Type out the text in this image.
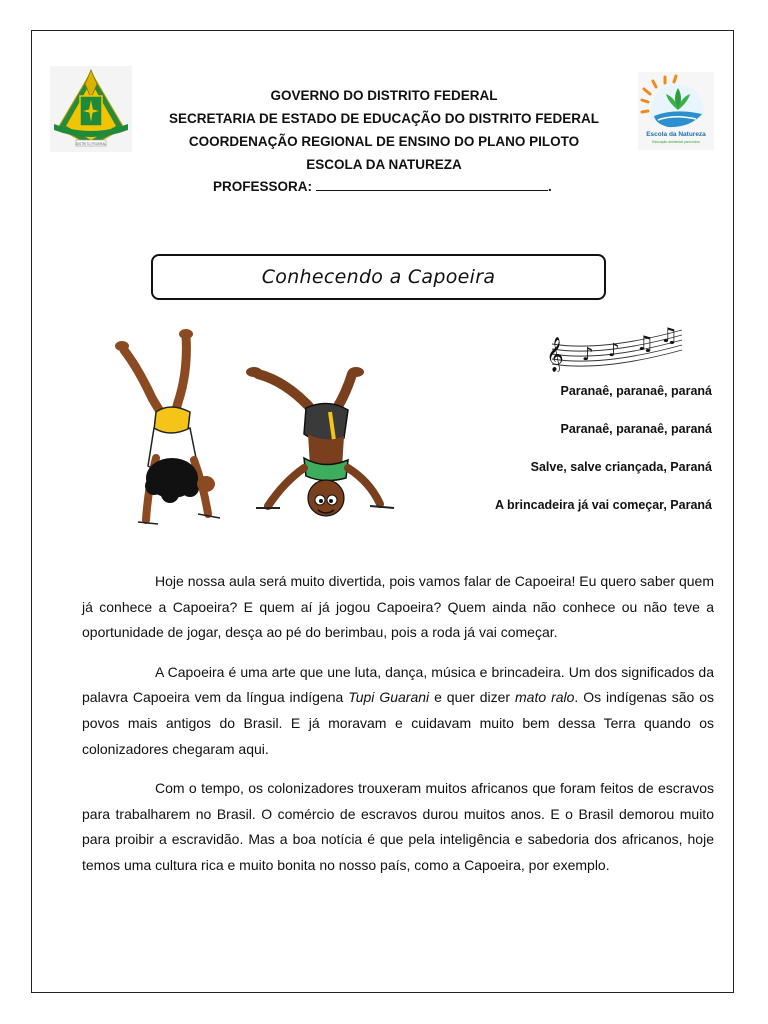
DISTRITO FEDERAL
Escola da Natureza
Educação ambiental para todos
GOVERNO DO DISTRITO FEDERAL
SECRETARIA DE ESTADO DE EDUCAÇÃO DO DISTRITO FEDERAL
COORDENAÇÃO REGIONAL DE ENSINO DO PLANO PILOTO
ESCOLA DA NATUREZA
PROFESSORA:	.
Conhecendo a Capoeira
𝄞 ♪ ♪ ♫ ♫
Paranaê, paranaê, paraná
Paranaê, paranaê, paraná
Salve, salve criançada, Paraná
A brincadeira já vai começar, Paraná

Hoje nossa aula será muito divertida, pois vamos falar de Capoeira! Eu quero saber quem já conhece a Capoeira? E quem aí já jogou Capoeira? Quem ainda não conhece ou não teve a oportunidade de jogar, desça ao pé do berimbau, pois a roda já vai começar.

A Capoeira é uma arte que une luta, dança, música e brincadeira. Um dos significados da palavra Capoeira vem da língua indígena Tupi Guarani e quer dizer mato ralo. Os indígenas são os povos mais antigos do Brasil. E já moravam e cuidavam muito bem dessa Terra quando os colonizadores chegaram aqui.

Com o tempo, os colonizadores trouxeram muitos africanos que foram feitos de escravos para trabalharem no Brasil. O comércio de escravos durou muitos anos. E o Brasil demorou muito para proibir a escravidão. Mas a boa notícia é que pela inteligência e sabedoria dos africanos, hoje temos uma cultura rica e muito bonita no nosso país, como a Capoeira, por exemplo.
